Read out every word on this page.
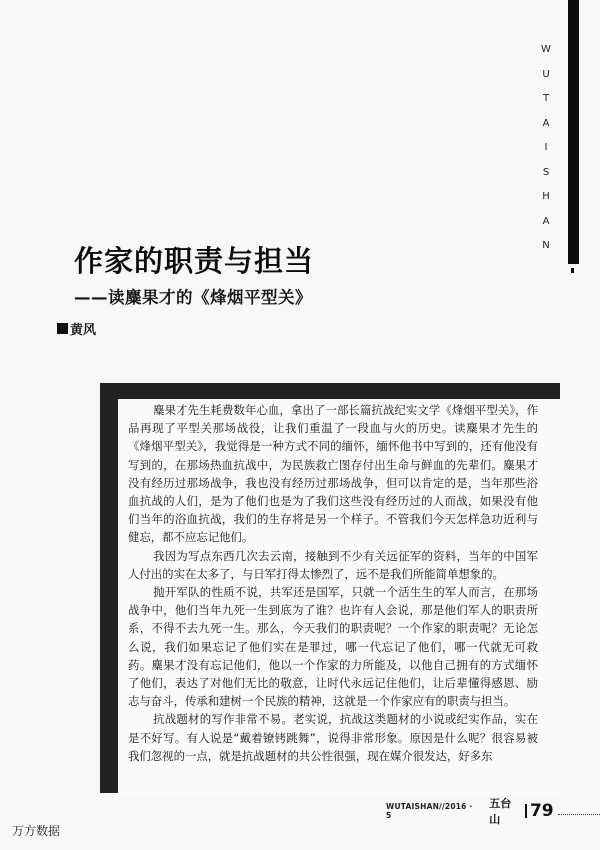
W
U
T
A
I
S
H
A
N
作家的职责与担当
——读麋果才的《烽烟平型关》
黄风

麋果才先生耗费数年心血，拿出了一部长篇抗战纪实文学《烽烟平型关》，作品再现了平型关那场战役，让我们重温了一段血与火的历史。读麋果才先生的《烽烟平型关》，我觉得是一种方式不同的缅怀，缅怀他书中写到的，还有他没有写到的，在那场热血抗战中，为民族救亡图存付出生命与鲜血的先辈们。麋果才没有经历过那场战争，我也没有经历过那场战争，但可以肯定的是，当年那些浴血抗战的人们，是为了他们也是为了我们这些没有经历过的人而战，如果没有他们当年的浴血抗战，我们的生存将是另一个样子。不管我们今天怎样急功近利与健忘，都不应忘记他们。

我因为写点东西几次去云南，接触到不少有关远征军的资料，当年的中国军人付出的实在太多了，与日军打得太惨烈了，远不是我们所能简单想象的。

抛开军队的性质不说，共军还是国军，只就一个活生生的军人而言，在那场战争中，他们当年九死一生到底为了谁？也许有人会说，那是他们军人的职责所系，不得不去九死一生。那么，今天我们的职责呢？一个作家的职责呢？无论怎么说，我们如果忘记了他们实在是罪过，哪一代忘记了他们，哪一代就无可救药。麋果才没有忘记他们，他以一个作家的力所能及，以他自己拥有的方式缅怀了他们，表达了对他们无比的敬意，让时代永远记住他们，让后辈懂得感恩、励志与奋斗，传承和建树一个民族的精神，这就是一个作家应有的职责与担当。

抗战题材的写作非常不易。老实说，抗战这类题材的小说或纪实作品，实在是不好写。有人说是“戴着镣铐跳舞”，说得非常形象。原因是什么呢？很容易被我们忽视的一点，就是抗战题材的共公性很强，现在媒介很发达，好多东

WUTAISHAN//2016 · 5
五台山	79
万方数据
